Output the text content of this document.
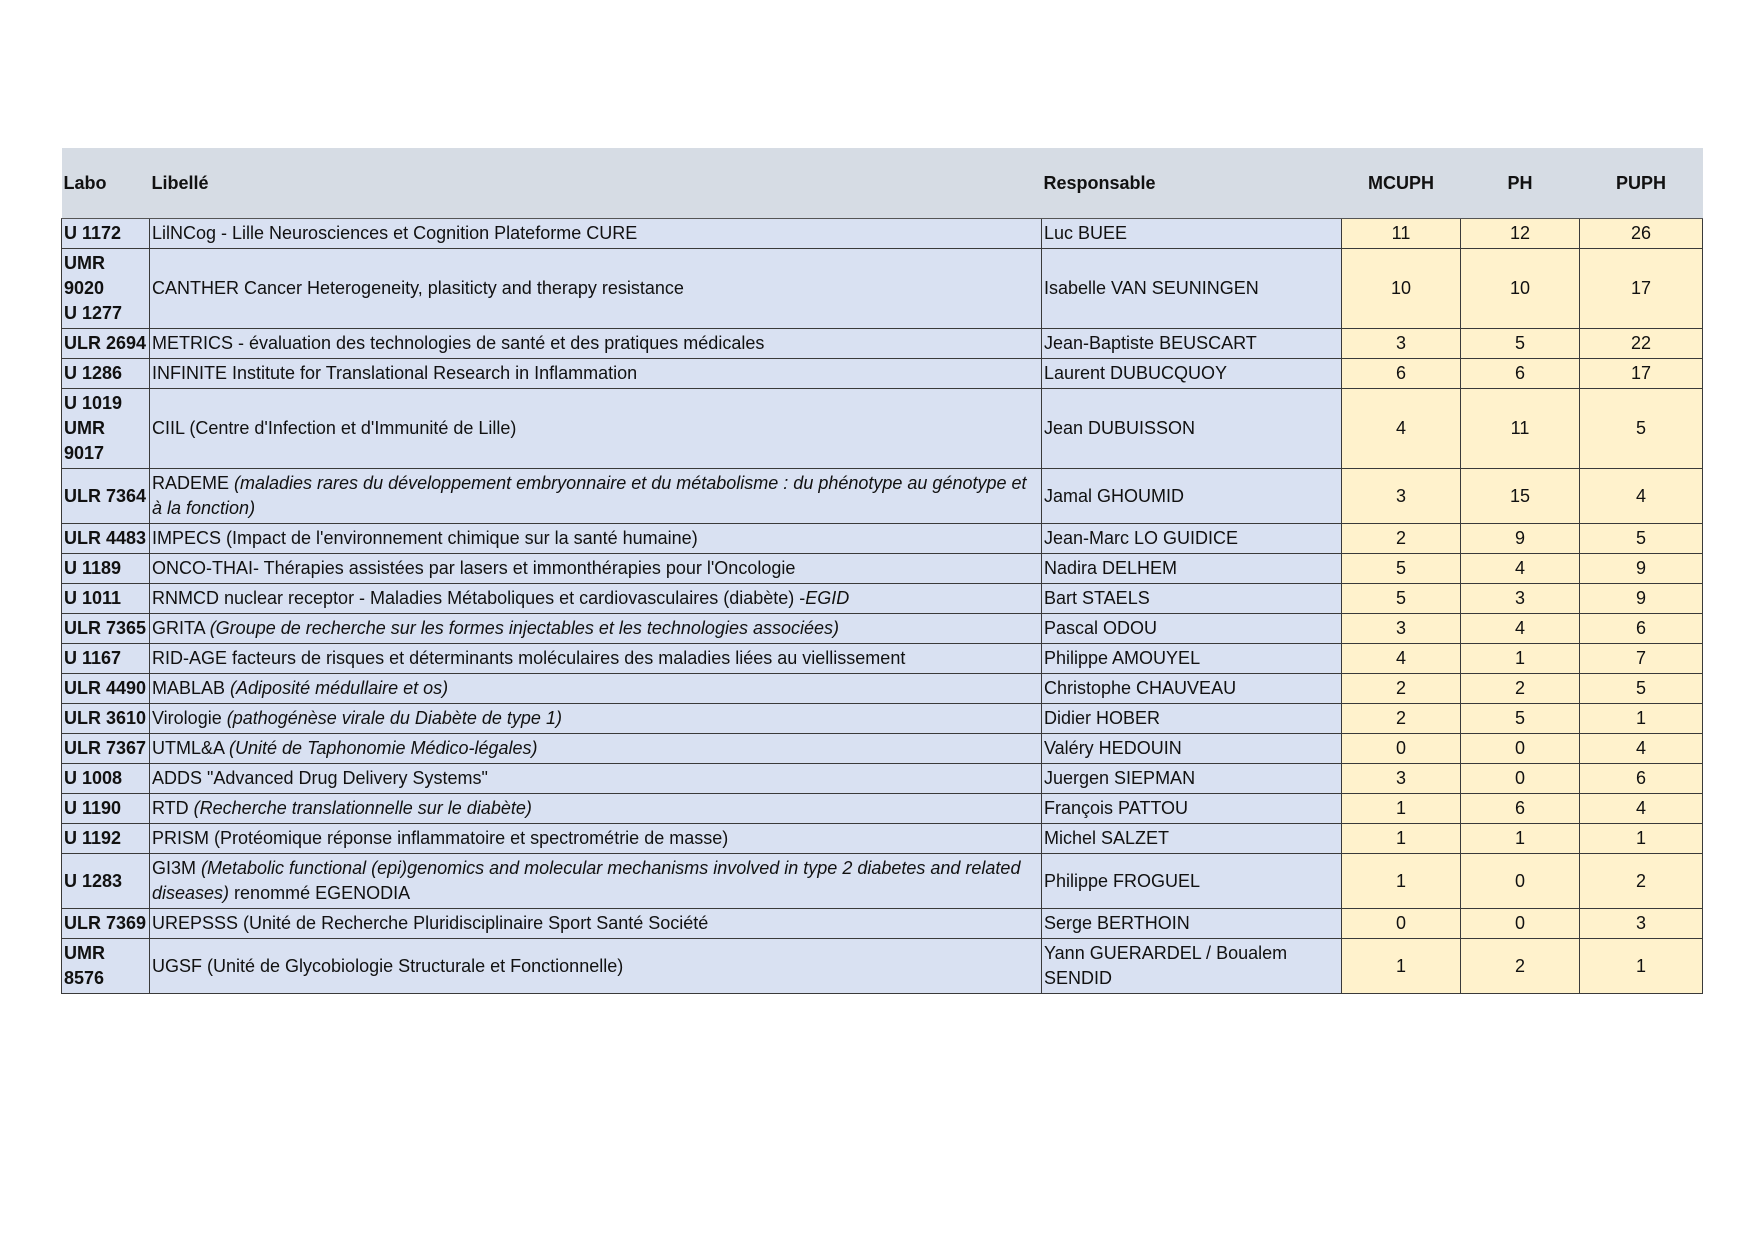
Labo	Libellé	Responsable	MCUPH	PH	PUPH

U 1172	LilNCog - Lille Neurosciences et Cognition Plateforme CURE	Luc BUEE	11	12	26

UMR
9020
U 1277	CANTHER Cancer Heterogeneity, plasiticty and therapy resistance	Isabelle VAN SEUNINGEN	10	10	17

ULR 2694	METRICS - évaluation des technologies de santé et des pratiques médicales	Jean-Baptiste BEUSCART	3	5	22

U 1286	INFINITE Institute for Translational Research in Inflammation	Laurent DUBUCQUOY	6	6	17

U 1019
UMR
9017	CIIL (Centre d'Infection et d'Immunité de Lille)	Jean DUBUISSON	4	11	5

ULR 7364	RADEME (maladies rares du développement embryonnaire et du métabolisme : du phénotype au génotype et à la fonction)	Jamal GHOUMID	3	15	4

ULR 4483	IMPECS (Impact de l'environnement chimique sur la santé humaine)	Jean-Marc LO GUIDICE	2	9	5

U 1189	ONCO-THAI- Thérapies assistées par lasers et immonthérapies pour l'Oncologie	Nadira DELHEM	5	4	9

U 1011	RNMCD nuclear receptor - Maladies Métaboliques et cardiovasculaires (diabète) -EGID	Bart STAELS	5	3	9

ULR 7365	GRITA (Groupe de recherche sur les formes injectables et les technologies associées)	Pascal ODOU	3	4	6

U 1167	RID-AGE facteurs de risques et déterminants moléculaires des maladies liées au viellissement	Philippe AMOUYEL	4	1	7

ULR 4490	MABLAB (Adiposité médullaire et os)	Christophe CHAUVEAU	2	2	5

ULR 3610	Virologie (pathogénèse virale du Diabète de type 1)	Didier HOBER	2	5	1

ULR 7367	UTML&A (Unité de Taphonomie Médico-légales)	Valéry HEDOUIN	0	0	4

U 1008	ADDS "Advanced Drug Delivery Systems"	Juergen SIEPMAN	3	0	6

U 1190	RTD (Recherche translationnelle sur le diabète)	François PATTOU	1	6	4

U 1192	PRISM (Protéomique réponse inflammatoire et spectrométrie de masse)	Michel SALZET	1	1	1

U 1283	GI3M (Metabolic functional (epi)genomics and molecular mechanisms involved in type 2 diabetes and related diseases) renommé EGENODIA	Philippe FROGUEL	1	0	2

ULR 7369	UREPSSS (Unité de Recherche Pluridisciplinaire Sport Santé Société	Serge BERTHOIN	0	0	3

UMR
8576	UGSF (Unité de Glycobiologie Structurale et Fonctionnelle)	Yann GUERARDEL / Boualem SENDID	1	2	1
